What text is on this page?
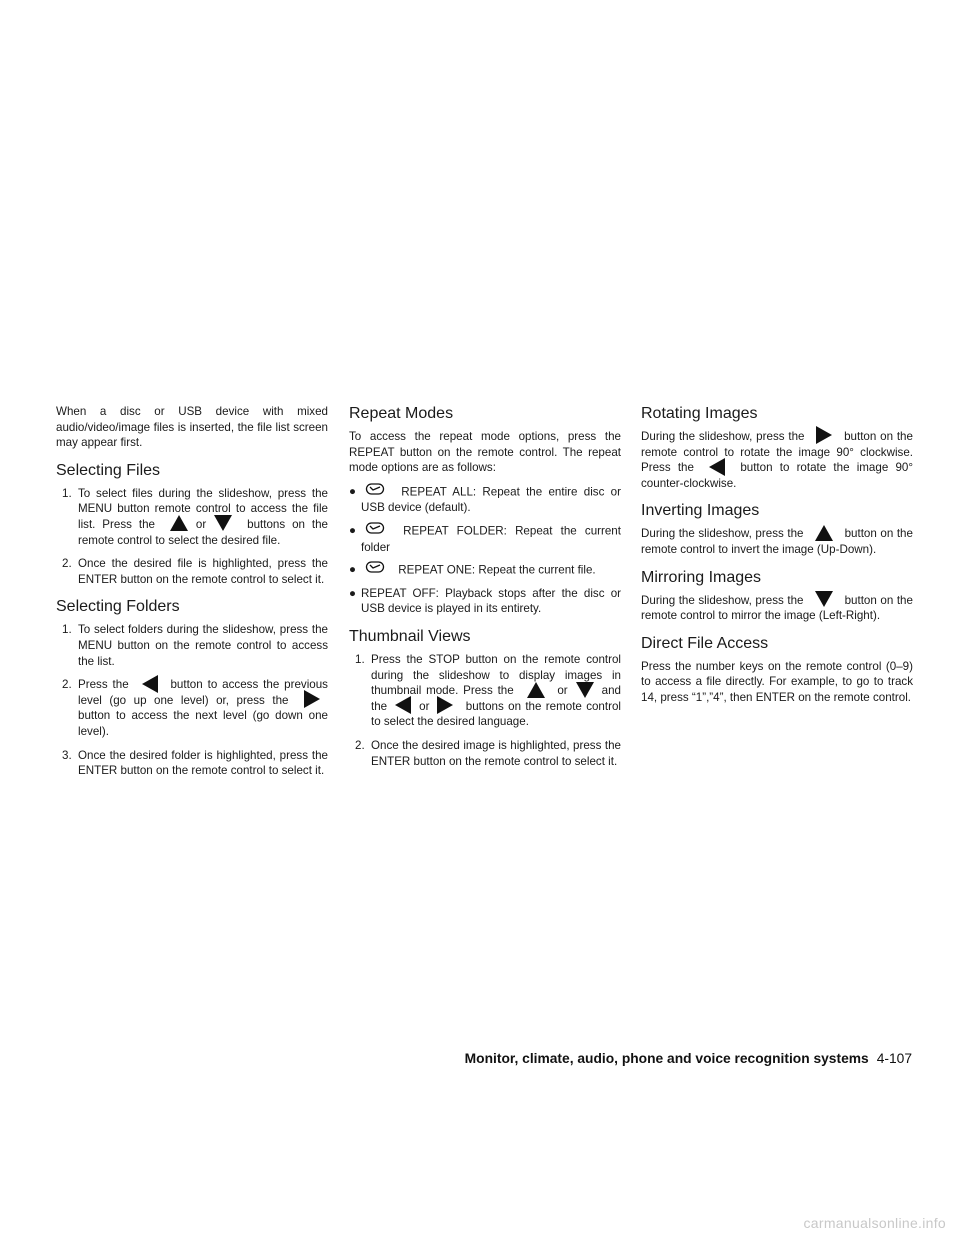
When a disc or USB device with mixed audio/video/image files is inserted, the file list screen may appear first.

Selecting Files
1. To select files during the slideshow, press the MENU button remote control to access the file list. Press the	or	buttons on the remote control to select the desired file.
2. Once the desired file is highlighted, press the ENTER button on the remote control to select it.
Selecting Folders
1. To select folders during the slideshow, press the MENU button on the remote control to access the list.
2. Press the	button to access the previous level (go up one level) or, press the
button to access the next level (go down one level).
3. Once the desired folder is highlighted, press the ENTER button on the remote control to select it.
Repeat Modes

To access the repeat mode options, press the REPEAT button on the remote control. The repeat mode options are as follows:

●	REPEAT ALL: Repeat the entire disc or USB device (default).
●	REPEAT FOLDER: Repeat the current folder
●	REPEAT ONE: Repeat the current file.
● REPEAT OFF: Playback stops after the disc or USB device is played in its entirety.
Thumbnail Views
1. Press the STOP button on the remote control during the slideshow to display images in thumbnail mode. Press the	or	and the	or	buttons on the remote control to select the desired language.
2. Once the desired image is highlighted, press the ENTER button on the remote control to select it.
Rotating Images

During the slideshow, press the	button on the remote control to rotate the image 90° clockwise. Press the	button to rotate the image 90° counter-clockwise.

Inverting Images

During the slideshow, press the	button on the remote control to invert the image (Up-Down).

Mirroring Images

During the slideshow, press the	button on the remote control to mirror the image (Left-Right).

Direct File Access

Press the number keys on the remote control (0–9) to access a file directly. For example, to go to track 14, press “1”,”4”, then ENTER on the remote control.

Monitor, climate, audio, phone and voice recognition systems 4-107
carmanualsonline.info
